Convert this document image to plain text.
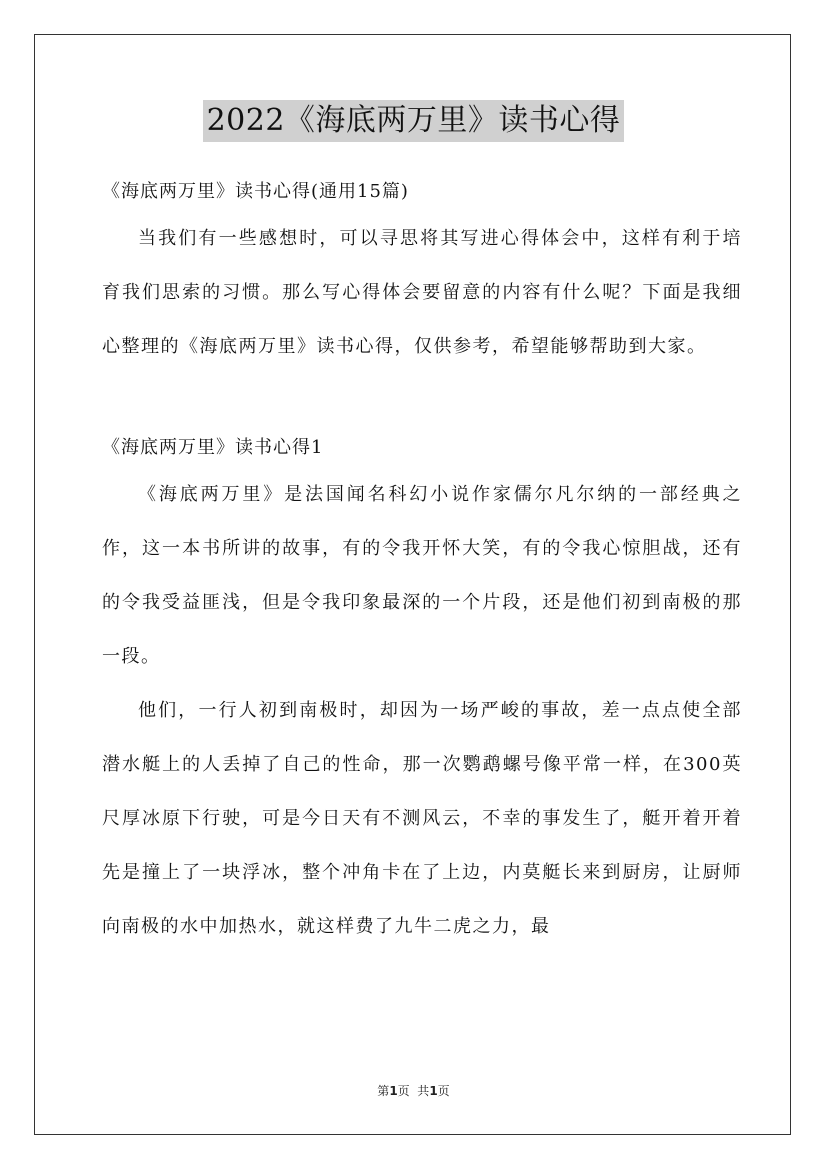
2022《海底两万里》读书心得
《海底两万里》读书心得(通用15篇)
当我们有一些感想时，可以寻思将其写进心得体会中，这样有利于培育我们思索的习惯。那么写心得体会要留意的内容有什么呢？下面是我细心整理的《海底两万里》读书心得，仅供参考，希望能够帮助到大家。
《海底两万里》读书心得1
《海底两万里》是法国闻名科幻小说作家儒尔凡尔纳的一部经典之作，这一本书所讲的故事，有的令我开怀大笑，有的令我心惊胆战，还有的令我受益匪浅，但是令我印象最深的一个片段，还是他们初到南极的那一段。
他们，一行人初到南极时，却因为一场严峻的事故，差一点点使全部潜水艇上的人丢掉了自己的性命，那一次鹦鹉螺号像平常一样，在300英尺厚冰原下行驶，可是今日天有不测风云，不幸的事发生了，艇开着开着先是撞上了一块浮冰，整个冲角卡在了上边，内莫艇长来到厨房，让厨师向南极的水中加热水，就这样费了九牛二虎之力，最
第1页  共1页
